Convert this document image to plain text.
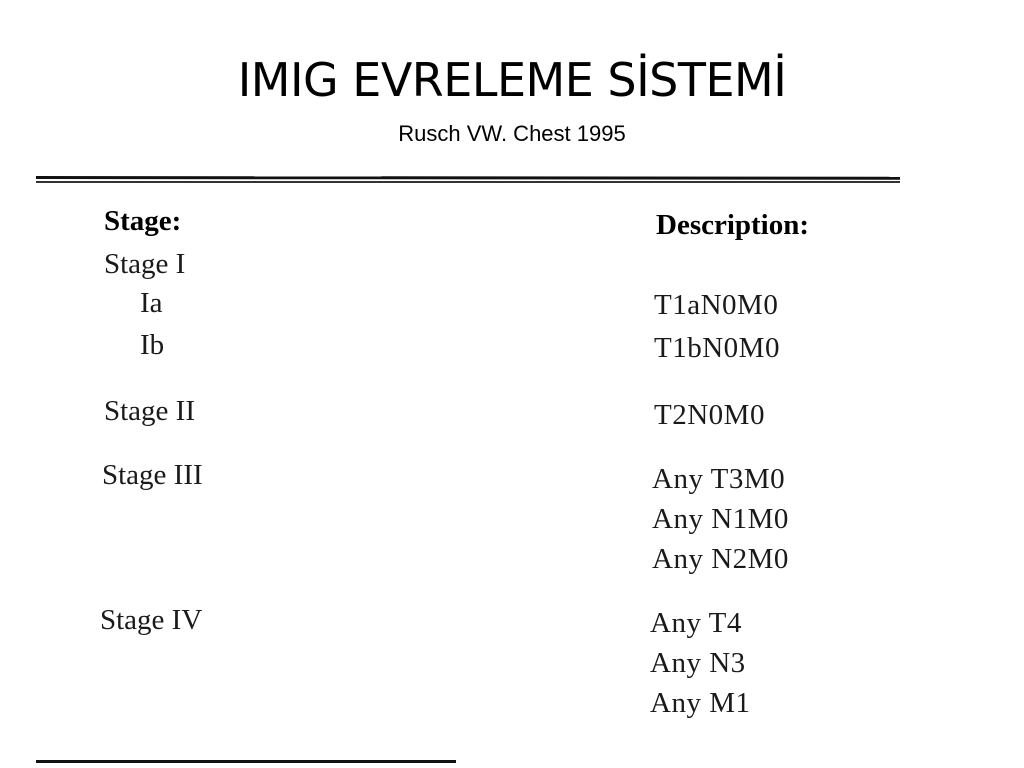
IMIG EVRELEME SİSTEMİ
Rusch VW. Chest 1995
Stage:	Description:
Stage I
Ia
Ib
Stage II
Stage III
Stage IV
T1aN0M0
T1bN0M0
T2N0M0
Any T3M0
Any N1M0
Any N2M0
Any T4
Any N3
Any M1
